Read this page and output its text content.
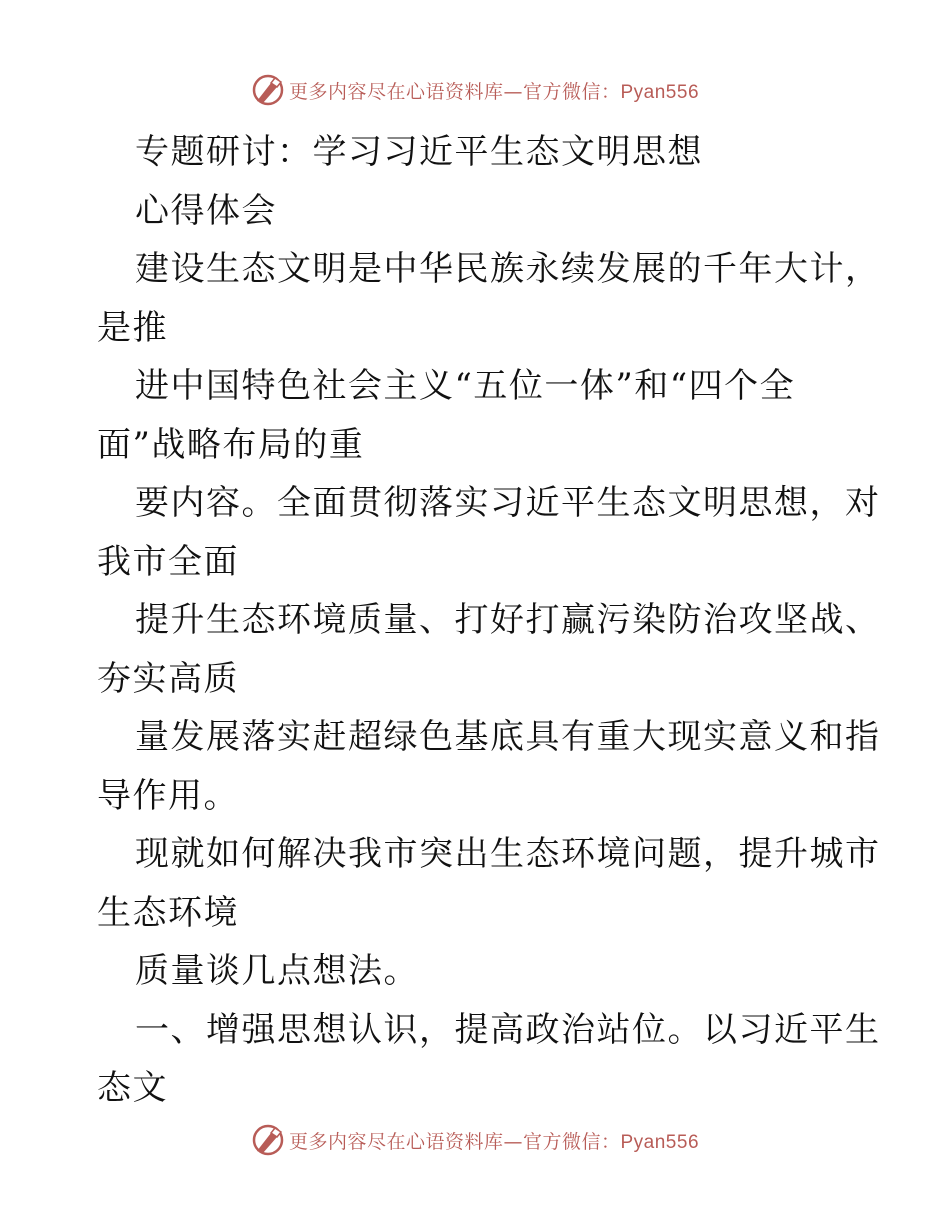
更多内容尽在心语资料库—官方微信：Pyan556
专题研讨：学习习近平生态文明思想
心得体会
建设生态文明是中华民族永续发展的千年大计，
是推
进中国特色社会主义“五位一体”和“四个全
面”战略布局的重
要内容。全面贯彻落实习近平生态文明思想，对
我市全面
提升生态环境质量、打好打赢污染防治攻坚战、
夯实高质
量发展落实赶超绿色基底具有重大现实意义和指
导作用。
现就如何解决我市突出生态环境问题，提升城市
生态环境
质量谈几点想法。
一、增强思想认识，提高政治站位。以习近平生
态文
更多内容尽在心语资料库—官方微信：Pyan556
